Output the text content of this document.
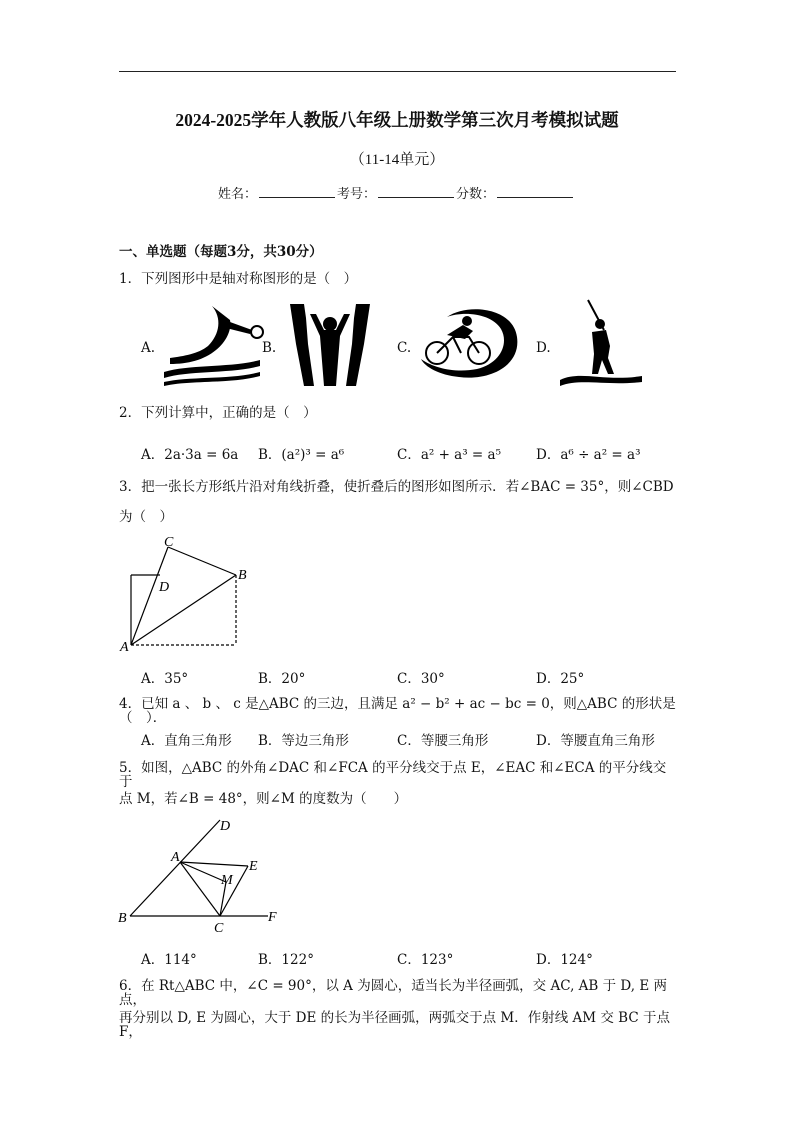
2024-2025学年人教版八年级上册数学第三次月考模拟试题
（11-14单元）
姓名：	考号：	分数：
一、单选题（每题3分，共30分）
1．下列图形中是轴对称图形的是（　）
A.	B.	C.	D.
2．下列计算中，正确的是（　）
A．2a·3a = 6a	B．(a²)³ = a⁶	C．a² + a³ = a⁵	D．a⁶ ÷ a² = a³
3．把一张长方形纸片沿对角线折叠，使折叠后的图形如图所示．若∠BAC = 35°，则∠CBD
为（　）
C
D
B
A
A．35°	B．20°	C．30°	D．25°
4．已知 a 、 b 、 c 是△ABC 的三边，且满足 a² − b² + ac − bc = 0，则△ABC 的形状是（　）．
A．直角三角形	B．等边三角形	C．等腰三角形	D．等腰直角三角形
5．如图，△ABC 的外角∠DAC 和∠FCA 的平分线交于点 E，∠EAC 和∠ECA 的平分线交于
点 M，若∠B = 48°，则∠M 的度数为（　　）
D
A
E
M
B
C
F
A．114°	B．122°	C．123°	D．124°
6．在 Rt△ABC 中，∠C = 90°，以 A 为圆心，适当长为半径画弧，交 AC, AB 于 D, E 两点，
再分别以 D, E 为圆心，大于 DE 的长为半径画弧，两弧交于点 M．作射线 AM 交 BC 于点 F，
